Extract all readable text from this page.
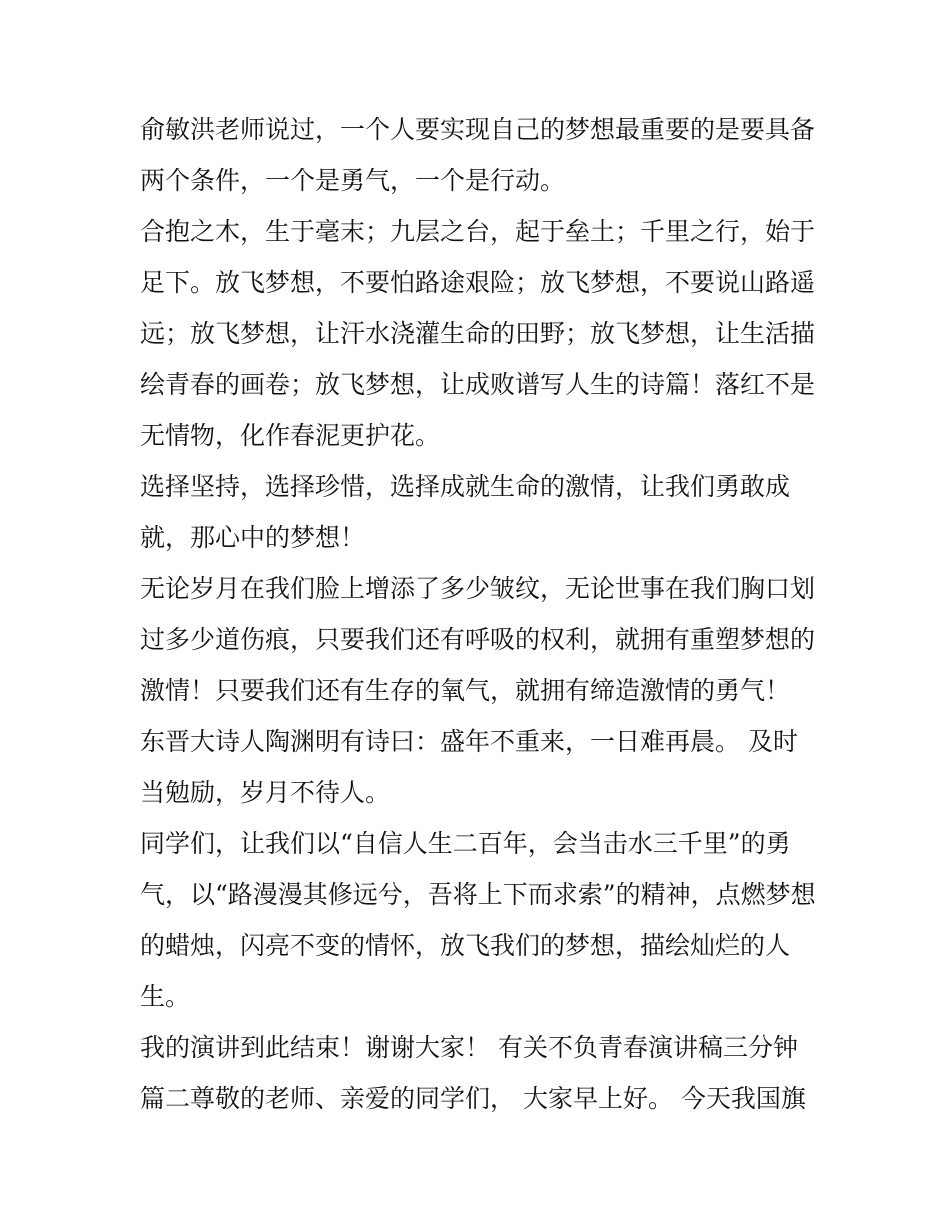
俞敏洪老师说过，一个人要实现自己的梦想最重要的是要具备
两个条件，一个是勇气，一个是行动。
合抱之木，生于毫末；九层之台，起于垒土；千里之行，始于
足下。放飞梦想，不要怕路途艰险；放飞梦想，不要说山路遥
远；放飞梦想，让汗水浇灌生命的田野；放飞梦想，让生活描
绘青春的画卷；放飞梦想，让成败谱写人生的诗篇！落红不是
无情物，化作春泥更护花。
选择坚持，选择珍惜，选择成就生命的激情，让我们勇敢成
就，那心中的梦想！
无论岁月在我们脸上增添了多少皱纹，无论世事在我们胸口划
过多少道伤痕，只要我们还有呼吸的权利，就拥有重塑梦想的
激情！只要我们还有生存的氧气，就拥有缔造激情的勇气！
东晋大诗人陶渊明有诗曰：盛年不重来，一日难再晨。 及时
当勉励，岁月不待人。
同学们，让我们以“自信人生二百年，会当击水三千里”的勇
气，以“路漫漫其修远兮，吾将上下而求索”的精神，点燃梦想
的蜡烛，闪亮不变的情怀，放飞我们的梦想，描绘灿烂的人
生。
我的演讲到此结束！谢谢大家！ 有关不负青春演讲稿三分钟
篇二尊敬的老师、亲爱的同学们， 大家早上好。 今天我国旗
